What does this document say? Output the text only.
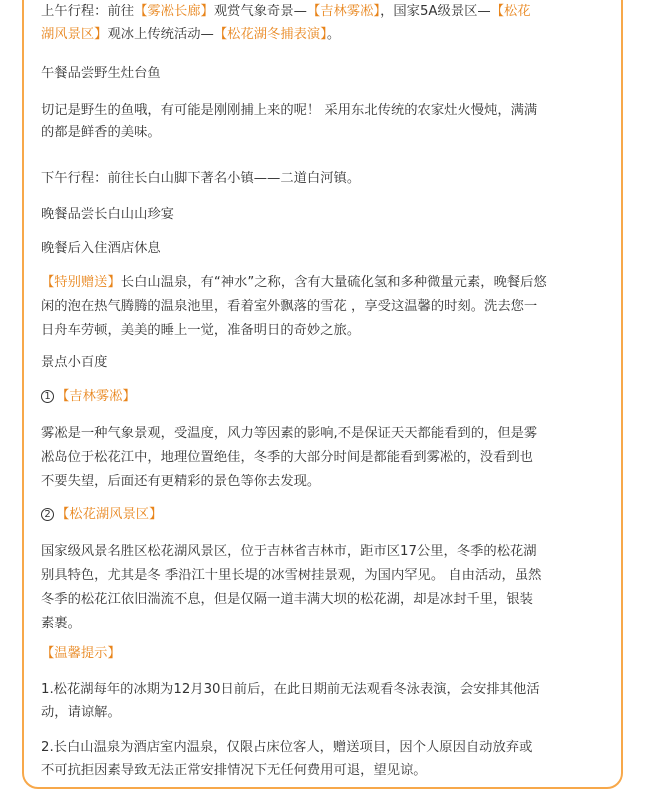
上午行程：前往【雾凇长廊】观赏气象奇景—【吉林雾凇】，国家5A级景区—【松花

湖风景区】观冰上传统活动—【松花湖冬捕表演】。

午餐品尝野生灶台鱼

切记是野生的鱼哦，有可能是刚刚捕上来的呢！ 采用东北传统的农家灶火慢炖，满满

的都是鲜香的美味。

下午行程：前往长白山脚下著名小镇——二道白河镇。

晚餐品尝长白山山珍宴

晚餐后入住酒店休息

【特别赠送】长白山温泉，有“神水”之称，含有大量硫化氢和多种微量元素，晚餐后悠

闲的泡在热气腾腾的温泉池里，看着室外飘落的雪花 ，享受这温馨的时刻。洗去您一

日舟车劳顿，美美的睡上一觉，准备明日的奇妙之旅。

景点小百度

1 【吉林雾凇】

雾凇是一种气象景观，受温度，风力等因素的影响,不是保证天天都能看到的，但是雾

凇岛位于松花江中，地理位置绝佳，冬季的大部分时间是都能看到雾凇的，没看到也

不要失望，后面还有更精彩的景色等你去发现。

2 【松花湖风景区】

国家级风景名胜区松花湖风景区，位于吉林省吉林市，距市区17公里，冬季的松花湖

别具特色，尤其是冬 季沿江十里长堤的冰雪树挂景观，为国内罕见。 自由活动，虽然

冬季的松花江依旧湍流不息，但是仅隔一道丰满大坝的松花湖，却是冰封千里，银装

素裹。

【温馨提示】

1.松花湖每年的冰期为12月30日前后，在此日期前无法观看冬泳表演，会安排其他活

动，请谅解。

2.长白山温泉为酒店室内温泉，仅限占床位客人，赠送项目，因个人原因自动放弃或

不可抗拒因素导致无法正常安排情况下无任何费用可退，望见谅。
